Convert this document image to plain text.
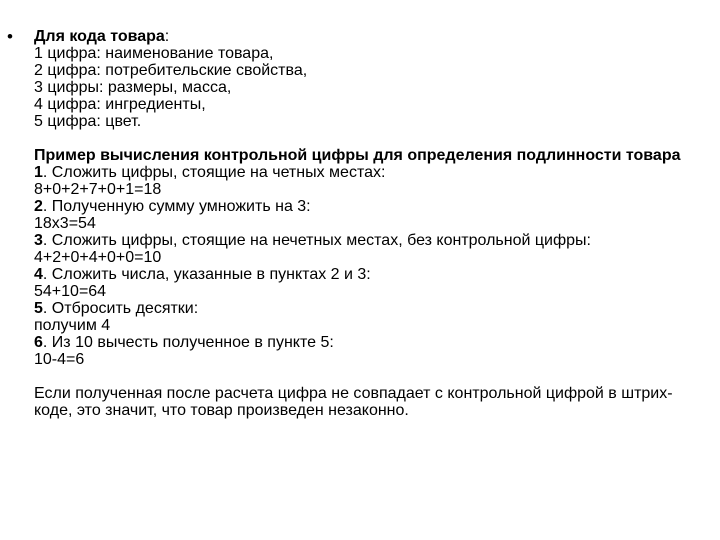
• Для кода товара:
1 цифра: наименование товара,
2 цифра: потребительские свойства,
3 цифры: размеры, масса,
4 цифра: ингредиенты,
5 цифра: цвет.
Пример вычисления контрольной цифры для определения подлинности товара
1. Сложить цифры, стоящие на четных местах:
8+0+2+7+0+1=18
2. Полученную сумму умножить на 3:
18х3=54
3. Сложить цифры, стоящие на нечетных местах, без контрольной цифры:
4+2+0+4+0+0=10
4. Сложить числа, указанные в пунктах 2 и 3:
54+10=64
5. Отбросить десятки:
получим 4
6. Из 10 вычесть полученное в пункте 5:
10-4=6
Если полученная после расчета цифра не совпадает с контрольной цифрой в штрих-коде, это значит, что товар произведен незаконно.
